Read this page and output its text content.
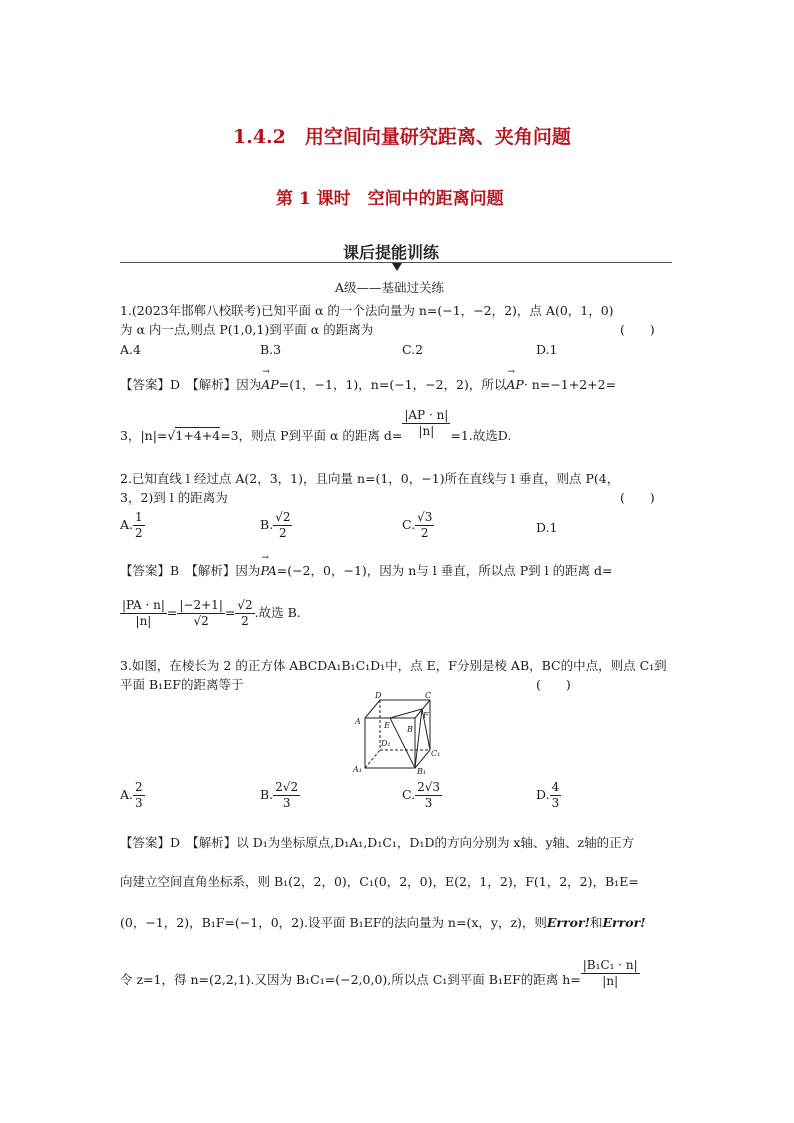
1.4.2　用空间向量研究距离、夹角问题
第 1 课时　空间中的距离问题
课后提能训练
A级——基础过关练
1.(2023年邯郸八校联考)已知平面 α 的一个法向量为 n=(−1，−2，2)，点 A(0，1，0)
为 α 内一点,则点 P(1,0,1)到平面 α 的距离为	(　　)
A.4	B.3	C.2	D.1
【答案】D　【解析】因为→ AP=(1，−1，1)，n=(−1，−2，2)，所以→ AP· n=−1+2+2=
3，|n|=√1+4+4=3，则点 P到平面 α 的距离 $d= \frac{|AP \cdot n|}{|n|} =1$.故选D.
2.已知直线 l 经过点 A(2，3，1)，且向量 n=(1，0，−1)所在直线与 l 垂直，则点 P(4，
3，2)到 l 的距离为	(　　)
A. $\frac{1}{2}$	B. $\frac{√2}{2}$	C. $\frac{√3}{2}$	D.1
【答案】B　【解析】因为→ PA=(−2，0，−1)，因为 n与 l 垂直，所以点 P到 l 的距离 d=
$\frac{|PA \cdot n|}{|n|} = \frac{|-2+1|}{√2} = \frac{√2}{2}$ .故选 B.
3.如图，在棱长为 2 的正方体 ABCDA₁B₁C₁D₁中，点 E，F分别是棱 AB，BC的中点，则点 C₁到
平面 B₁EF的距离等于	(　　)
D	C
A	E B
F
D₁
C₁
A₁	B₁
A. $\frac{2}{3}$	B. $\frac{2√2}{3}$	C. $\frac{2√3}{3}$	D. $\frac{4}{3}$
【答案】D　【解析】以 D₁为坐标原点,D₁A₁,D₁C₁，D₁D的方向分别为 x轴、y轴、z轴的正方
向建立空间直角坐标系，则 B₁(2，2，0)，C₁(0，2，0)，E(2，1，2)，F(1，2，2)，B₁E=
(0，−1，2)，B₁F=(−1，0，2).设平面 B₁EF的法向量为 n=(x，y，z)，则Error!和Error!
令 z=1，得 n=(2,2,1).又因为 B₁C₁=(−2,0,0),所以点 C₁到平面 B₁EF的距离 $h= \frac{\text{|B₁C₁ · n|}}{|n|}$
